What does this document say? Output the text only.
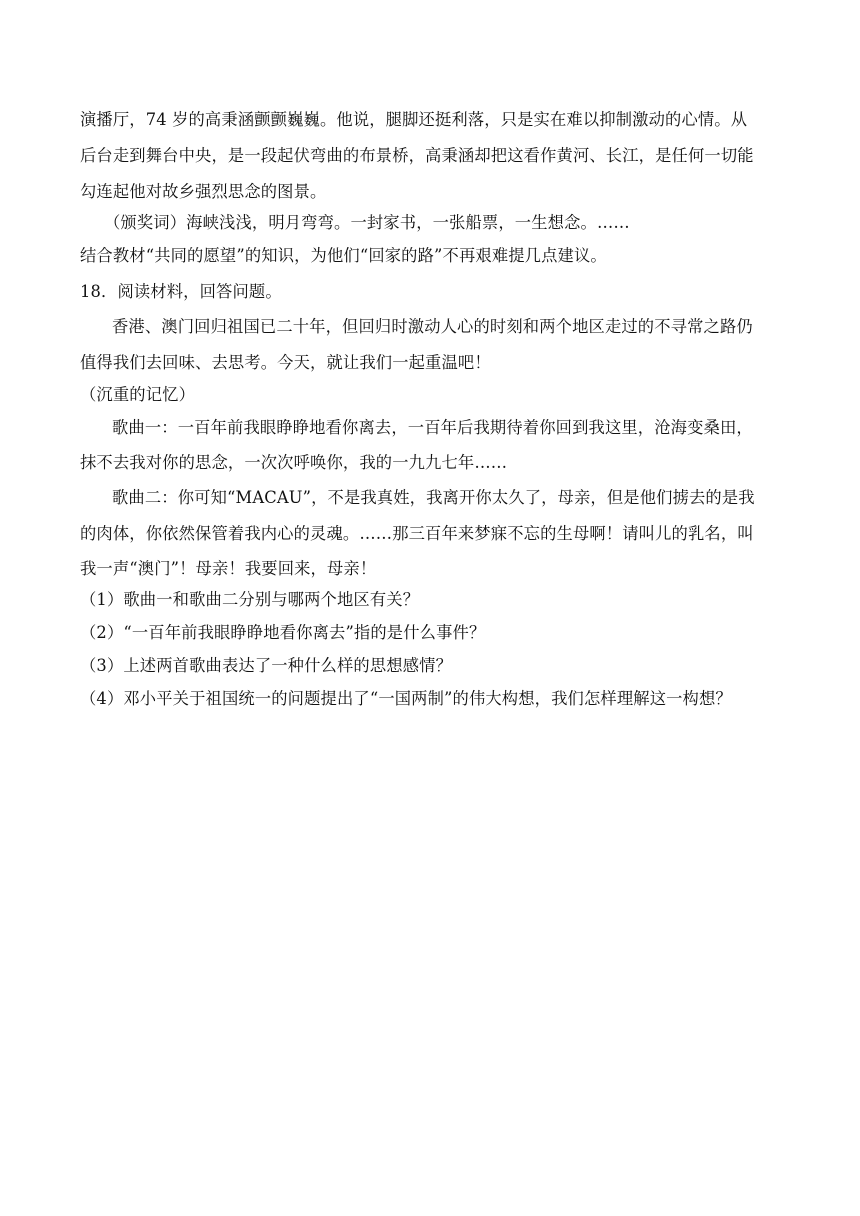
演播厅，74 岁的高秉涵颤颤巍巍。他说，腿脚还挺利落，只是实在难以抑制激动的心情。从
后台走到舞台中央，是一段起伏弯曲的布景桥，高秉涵却把这看作黄河、长江，是任何一切能
勾连起他对故乡强烈思念的图景。
（颁奖词）海峡浅浅，明月弯弯。一封家书，一张船票，一生想念。……
结合教材“共同的愿望”的知识，为他们“回家的路”不再艰难提几点建议。
18．阅读材料，回答问题。
香港、澳门回归祖国已二十年，但回归时激动人心的时刻和两个地区走过的不寻常之路仍
值得我们去回味、去思考。今天，就让我们一起重温吧！
（沉重的记忆）
歌曲一：一百年前我眼睁睁地看你离去，一百年后我期待着你回到我这里，沧海变桑田，
抹不去我对你的思念，一次次呼唤你，我的一九九七年……
歌曲二：你可知“MACAU”，不是我真姓，我离开你太久了，母亲，但是他们掳去的是我
的肉体，你依然保管着我内心的灵魂。……那三百年来梦寐不忘的生母啊！请叫儿的乳名，叫
我一声“澳门”！母亲！我要回来，母亲！
（1）歌曲一和歌曲二分别与哪两个地区有关？
（2）“一百年前我眼睁睁地看你离去”指的是什么事件？
（3）上述两首歌曲表达了一种什么样的思想感情？
（4）邓小平关于祖国统一的问题提出了“一国两制”的伟大构想，我们怎样理解这一构想？
